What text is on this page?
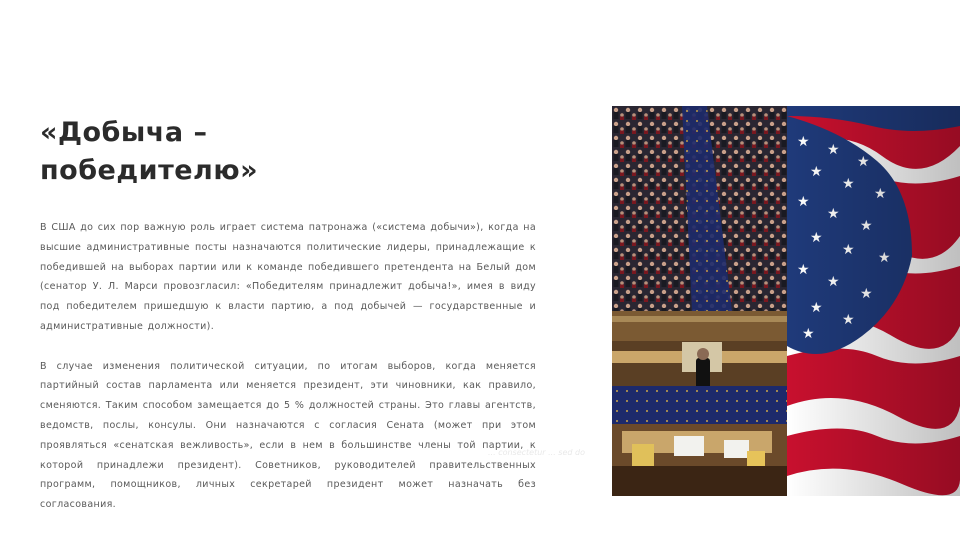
«Добыча – победителю»

В США до сих пор важную роль играет система патронажа («система добычи»), когда на высшие административные посты назначаются политические лидеры, принадлежащие к победившей на выборах партии или к команде победившего претендента на Белый дом (сенатор У. Л. Марси провозгласил: «Победителям принадлежит добыча!», имея в виду под победителем пришедшую к власти партию, а под добычей — государственные и административные должности).

В случае изменения политической ситуации, по итогам выборов, когда меняется партийный состав парламента или меняется президент, эти чиновники, как правило, сменяются. Таким способом замещается до 5 % должностей страны. Это главы агентств, ведомств, послы, консулы. Они назначаются с согласия Сената (может при этом проявляться «сенатская вежливость», если в нем в большинстве члены той партии, к которой принадлежи президент). Советников, руководителей правительственных программ, помощников, личных секретарей президент может назначать без согласования.

... consectetur ... sed do
